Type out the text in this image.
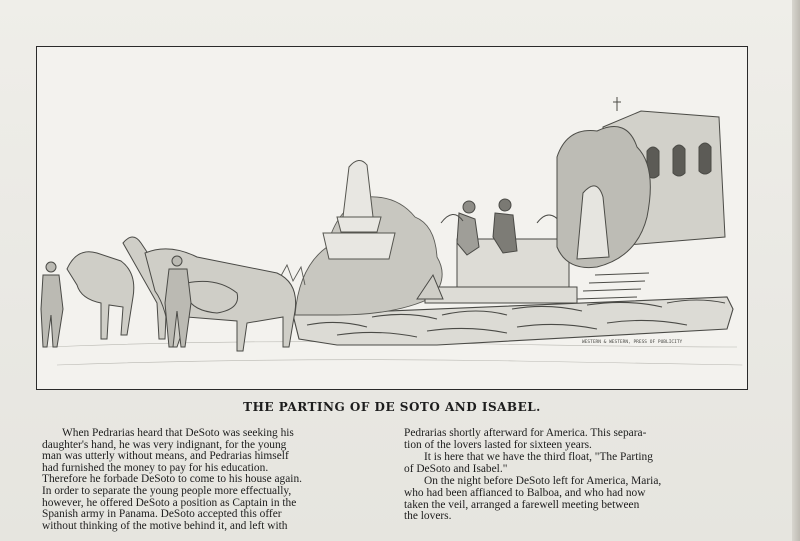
WESTERN & WESTERN, PRESS OF PUBLICITY
THE PARTING OF DE SOTO AND ISABEL.
When Pedrarias heard that DeSoto was seeking his
daughter's hand, he was very indignant, for the young
man was utterly without means, and Pedrarias himself
had furnished the money to pay for his education.
Therefore he forbade DeSoto to come to his house again.
In order to separate the young people more effectually,
however, he offered DeSoto a position as Captain in the
Spanish army in Panama. DeSoto accepted this offer
without thinking of the motive behind it, and left with
Pedrarias shortly afterward for America. This separa-
tion of the lovers lasted for sixteen years.
It is here that we have the third float, "The Parting
of DeSoto and Isabel."
On the night before DeSoto left for America, Maria,
who had been affianced to Balboa, and who had now
taken the veil, arranged a farewell meeting between
the lovers.
